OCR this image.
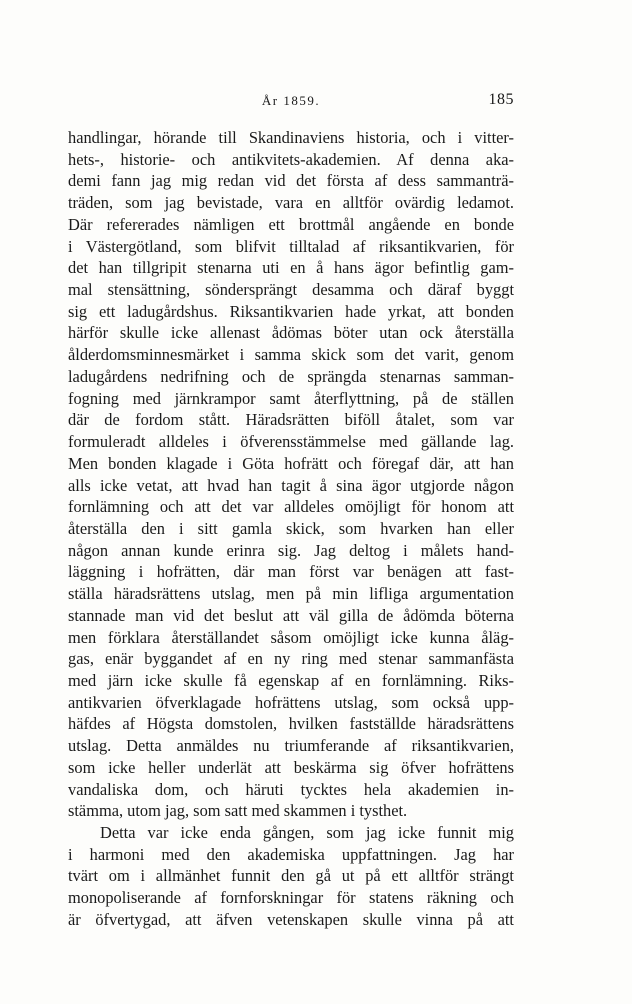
År 1859.	185
handlingar, hörande till Skandinaviens historia, och i vitter-
hets-, historie- och antikvitets-akademien. Af denna aka-
demi fann jag mig redan vid det första af dess sammanträ-
träden, som jag bevistade, vara en alltför ovärdig ledamot.
Där refererades nämligen ett brottmål angående en bonde
i Västergötland, som blifvit tilltalad af riksantikvarien, för
det han tillgripit stenarna uti en å hans ägor befintlig gam-
mal stensättning, söndersprängt desamma och däraf byggt
sig ett ladugårdshus. Riksantikvarien hade yrkat, att bonden
härför skulle icke allenast ådömas böter utan ock återställa
ålderdomsminnesmärket i samma skick som det varit, genom
ladugårdens nedrifning och de sprängda stenarnas samman-
fogning med järnkrampor samt återflyttning, på de ställen
där de fordom stått. Häradsrätten biföll åtalet, som var
formuleradt alldeles i öfverensstämmelse med gällande lag.
Men bonden klagade i Göta hofrätt och föregaf där, att han
alls icke vetat, att hvad han tagit å sina ägor utgjorde någon
fornlämning och att det var alldeles omöjligt för honom att
återställa den i sitt gamla skick, som hvarken han eller
någon annan kunde erinra sig. Jag deltog i målets hand-
läggning i hofrätten, där man först var benägen att fast-
ställa häradsrättens utslag, men på min lifliga argumentation
stannade man vid det beslut att väl gilla de ådömda böterna
men förklara återställandet såsom omöjligt icke kunna åläg-
gas, enär byggandet af en ny ring med stenar sammanfästa
med järn icke skulle få egenskap af en fornlämning. Riks-
antikvarien öfverklagade hofrättens utslag, som också upp-
häfdes af Högsta domstolen, hvilken fastställde häradsrättens
utslag. Detta anmäldes nu triumferande af riksantikvarien,
som icke heller underlät att beskärma sig öfver hofrättens
vandaliska dom, och häruti tycktes hela akademien in-
stämma, utom jag, som satt med skammen i tysthet.
Detta var icke enda gången, som jag icke funnit mig
i harmoni med den akademiska uppfattningen. Jag har
tvärt om i allmänhet funnit den gå ut på ett alltför strängt
monopoliserande af fornforskningar för statens räkning och
är öfvertygad, att äfven vetenskapen skulle vinna på att
